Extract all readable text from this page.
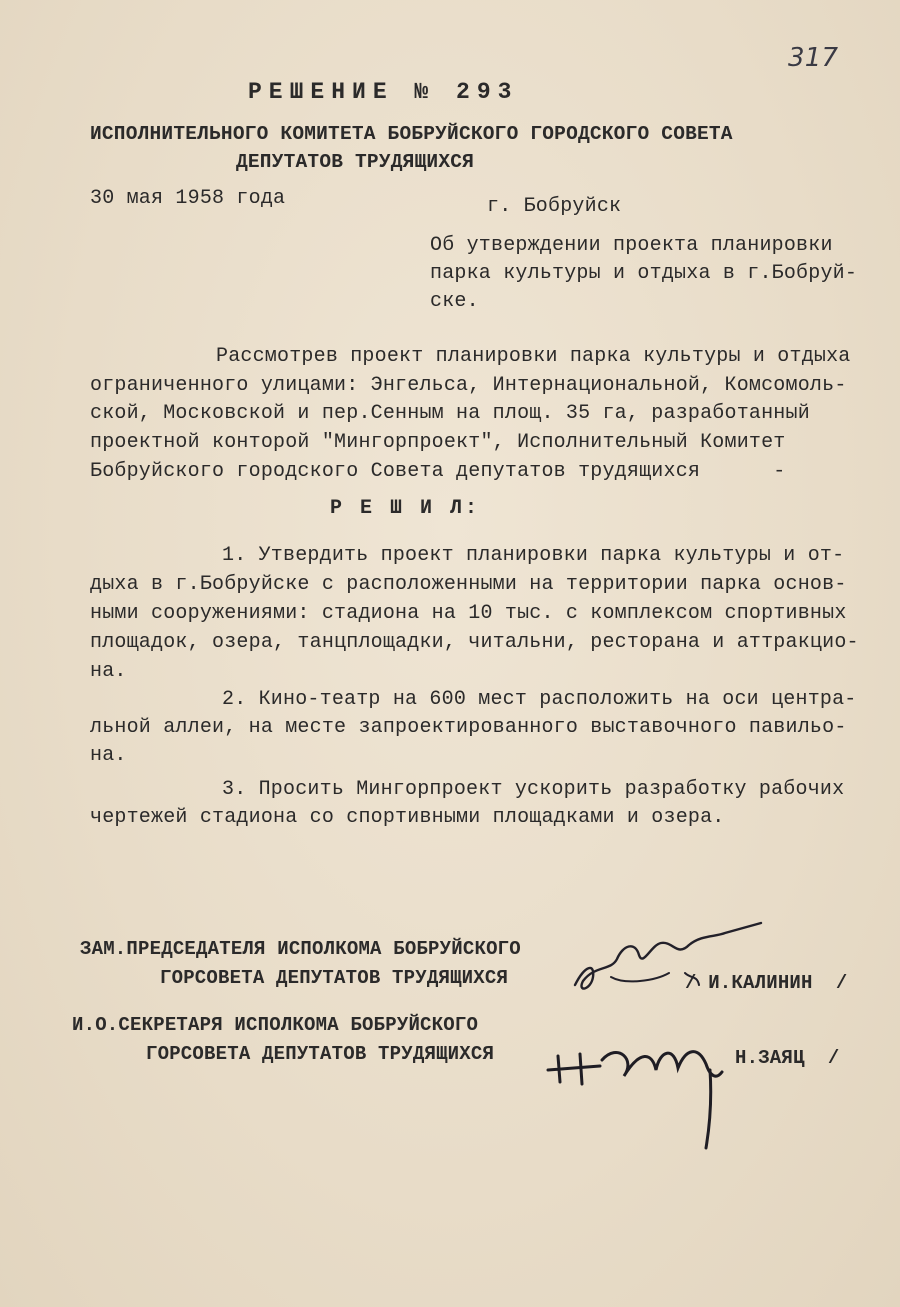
317
РЕШЕНИЕ № 293
ИСПОЛНИТЕЛЬНОГО КОМИТЕТА БОБРУЙСКОГО ГОРОДСКОГО СОВЕТА
ДЕПУТАТОВ ТРУДЯЩИХСЯ
30 мая 1958 года	г. Бобруйск
Об утверждении проекта планировки
парка культуры и отдыха в г.Бобруй-
ске.
Рассмотрев проект планировки парка культуры и отдыха
ограниченного улицами: Энгельса, Интернациональной, Комсомоль-
ской, Московской и пер.Сенным на площ. 35 га, разработанный
проектной конторой "Мингорпроект", Исполнительный Комитет
Бобруйского городского Совета депутатов трудящихся      -
Р Е Ш И Л:
1. Утвердить проект планировки парка культуры и от-
дыха в г.Бобруйске с расположенными на территории парка основ-
ными сооружениями: стадиона на 10 тыс. с комплексом спортивных
площадок, озера, танцплощадки, читальни, ресторана и аттракцио-
на.
2. Кино-театр на 600 мест расположить на оси центра-
льной аллеи, на месте запроектированного выставочного павильо-
на.
3. Просить Мингорпроект ускорить разработку рабочих
чертежей стадиона со спортивными площадками и озера.
ЗАМ.ПРЕДСЕДАТЕЛЯ ИСПОЛКОМА БОБРУЙСКОГО
ГОРСОВЕТА ДЕПУТАТОВ ТРУДЯЩИХСЯ	/ И.КАЛИНИН  /
И.О.СЕКРЕТАРЯ ИСПОЛКОМА БОБРУЙСКОГО
ГОРСОВЕТА ДЕПУТАТОВ ТРУДЯЩИХСЯ	Н.ЗАЯЦ  /
